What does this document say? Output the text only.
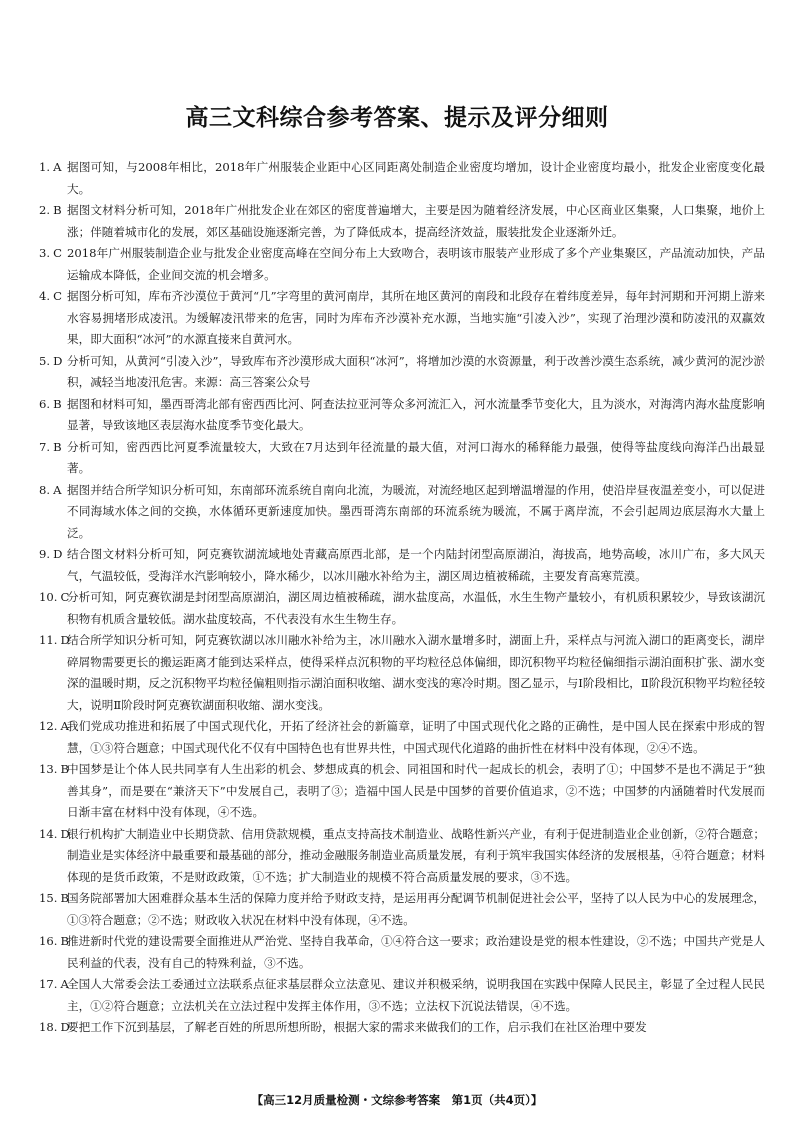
高三文科综合参考答案、提示及评分细则

1. A 据图可知，与2008年相比，2018年广州服装企业距中心区同距离处制造企业密度均增加，设计企业密度均最小，批发企业密度变化最大。

2. B 据图文材料分析可知，2018年广州批发企业在郊区的密度普遍增大，主要是因为随着经济发展，中心区商业区集聚，人口集聚，地价上涨；伴随着城市化的发展，郊区基础设施逐渐完善，为了降低成本，提高经济效益，服装批发企业逐渐外迁。

3. C 2018年广州服装制造企业与批发企业密度高峰在空间分布上大致吻合，表明该市服装产业形成了多个产业集聚区，产品流动加快，产品运输成本降低，企业间交流的机会增多。

4. C 据图分析可知，库布齐沙漠位于黄河“几”字弯里的黄河南岸，其所在地区黄河的南段和北段存在着纬度差异，每年封河期和开河期上游来水容易拥堵形成凌汛。为缓解凌汛带来的危害，同时为库布齐沙漠补充水源，当地实施“引凌入沙”，实现了治理沙漠和防凌汛的双赢效果，即大面积“冰河”的水源直接来自黄河水。

5. D 分析可知，从黄河“引凌入沙”，导致库布齐沙漠形成大面积“冰河”，将增加沙漠的水资源量，利于改善沙漠生态系统，减少黄河的泥沙淤积，减轻当地凌汛危害。来源：高三答案公众号

6. B 据图和材料可知，墨西哥湾北部有密西西比河、阿查法拉亚河等众多河流汇入，河水流量季节变化大，且为淡水，对海湾内海水盐度影响显著，导致该地区表层海水盐度季节变化最大。

7. B 分析可知，密西西比河夏季流量较大，大致在7月达到年径流量的最大值，对河口海水的稀释能力最强，使得等盐度线向海洋凸出最显著。

8. A 据图并结合所学知识分析可知，东南部环流系统自南向北流，为暖流，对流经地区起到增温增湿的作用，使沿岸昼夜温差变小，可以促进不同海域水体之间的交换，水体循环更新速度加快。墨西哥湾东南部的环流系统为暖流，不属于离岸流，不会引起周边底层海水大量上泛。

9. D 结合图文材料分析可知，阿克赛钦湖流域地处青藏高原西北部，是一个内陆封闭型高原湖泊，海拔高，地势高峻，冰川广布，多大风天气，气温较低，受海洋水汽影响较小，降水稀少，以冰川融水补给为主，湖区周边植被稀疏，主要发育高寒荒漠。

10. C
分析可知，阿克赛钦湖是封闭型高原湖泊，湖区周边植被稀疏，湖水盐度高，水温低，水生生物产量较小，有机质积累较少，导致该湖沉积物有机质含量较低。湖水盐度较高，不代表没有水生生物生存。

11. D
结合所学知识分析可知，阿克赛钦湖以冰川融水补给为主，冰川融水入湖水量增多时，湖面上升，采样点与河流入湖口的距离变长，湖岸碎屑物需要更长的搬运距离才能到达采样点，使得采样点沉积物的平均粒径总体偏细，即沉积物平均粒径偏细指示湖泊面积扩张、湖水变深的温暖时期，反之沉积物平均粒径偏粗则指示湖泊面积收缩、湖水变浅的寒冷时期。图乙显示，与Ⅰ阶段相比，Ⅱ阶段沉积物平均粒径较大，说明Ⅱ阶段时阿克赛钦湖面积收缩、湖水变浅。

12. A
我们党成功推进和拓展了中国式现代化，开拓了经济社会的新篇章，证明了中国式现代化之路的正确性，是中国人民在探索中形成的智慧，①③符合题意；中国式现代化不仅有中国特色也有世界共性，中国式现代化道路的曲折性在材料中没有体现，②④不选。

13. B
中国梦是让个体人民共同享有人生出彩的机会、梦想成真的机会、同祖国和时代一起成长的机会，表明了①；中国梦不是也不满足于“独善其身”，而是要在“兼济天下”中发展自己，表明了③；造福中国人民是中国梦的首要价值追求，②不选；中国梦的内涵随着时代发展而日渐丰富在材料中没有体现，④不选。

14. D
银行机构扩大制造业中长期贷款、信用贷款规模，重点支持高技术制造业、战略性新兴产业，有利于促进制造业企业创新，②符合题意；制造业是实体经济中最重要和最基础的部分，推动金融服务制造业高质量发展，有利于筑牢我国实体经济的发展根基，④符合题意；材料体现的是货币政策，不是财政政策，①不选；扩大制造业的规模不符合高质量发展的要求，③不选。

15. B
国务院部署加大困难群众基本生活的保障力度并给予财政支持，是运用再分配调节机制促进社会公平，坚持了以人民为中心的发展理念，①③符合题意；②不选；财政收入状况在材料中没有体现，④不选。

16. B
推进新时代党的建设需要全面推进从严治党、坚持自我革命，①④符合这一要求；政治建设是党的根本性建设，②不选；中国共产党是人民利益的代表，没有自己的特殊利益，③不选。

17. A
全国人大常委会法工委通过立法联系点征求基层群众立法意见、建议并积极采纳，说明我国在实践中保障人民民主，彰显了全过程人民民主，①②符合题意；立法机关在立法过程中发挥主体作用，③不选；立法权下沉说法错误，④不选。

18. D
要把工作下沉到基层，了解老百姓的所思所想所盼，根据大家的需求来做我们的工作，启示我们在社区治理中要发

【高三12月质量检测・文综参考答案　第1页（共4页）】
